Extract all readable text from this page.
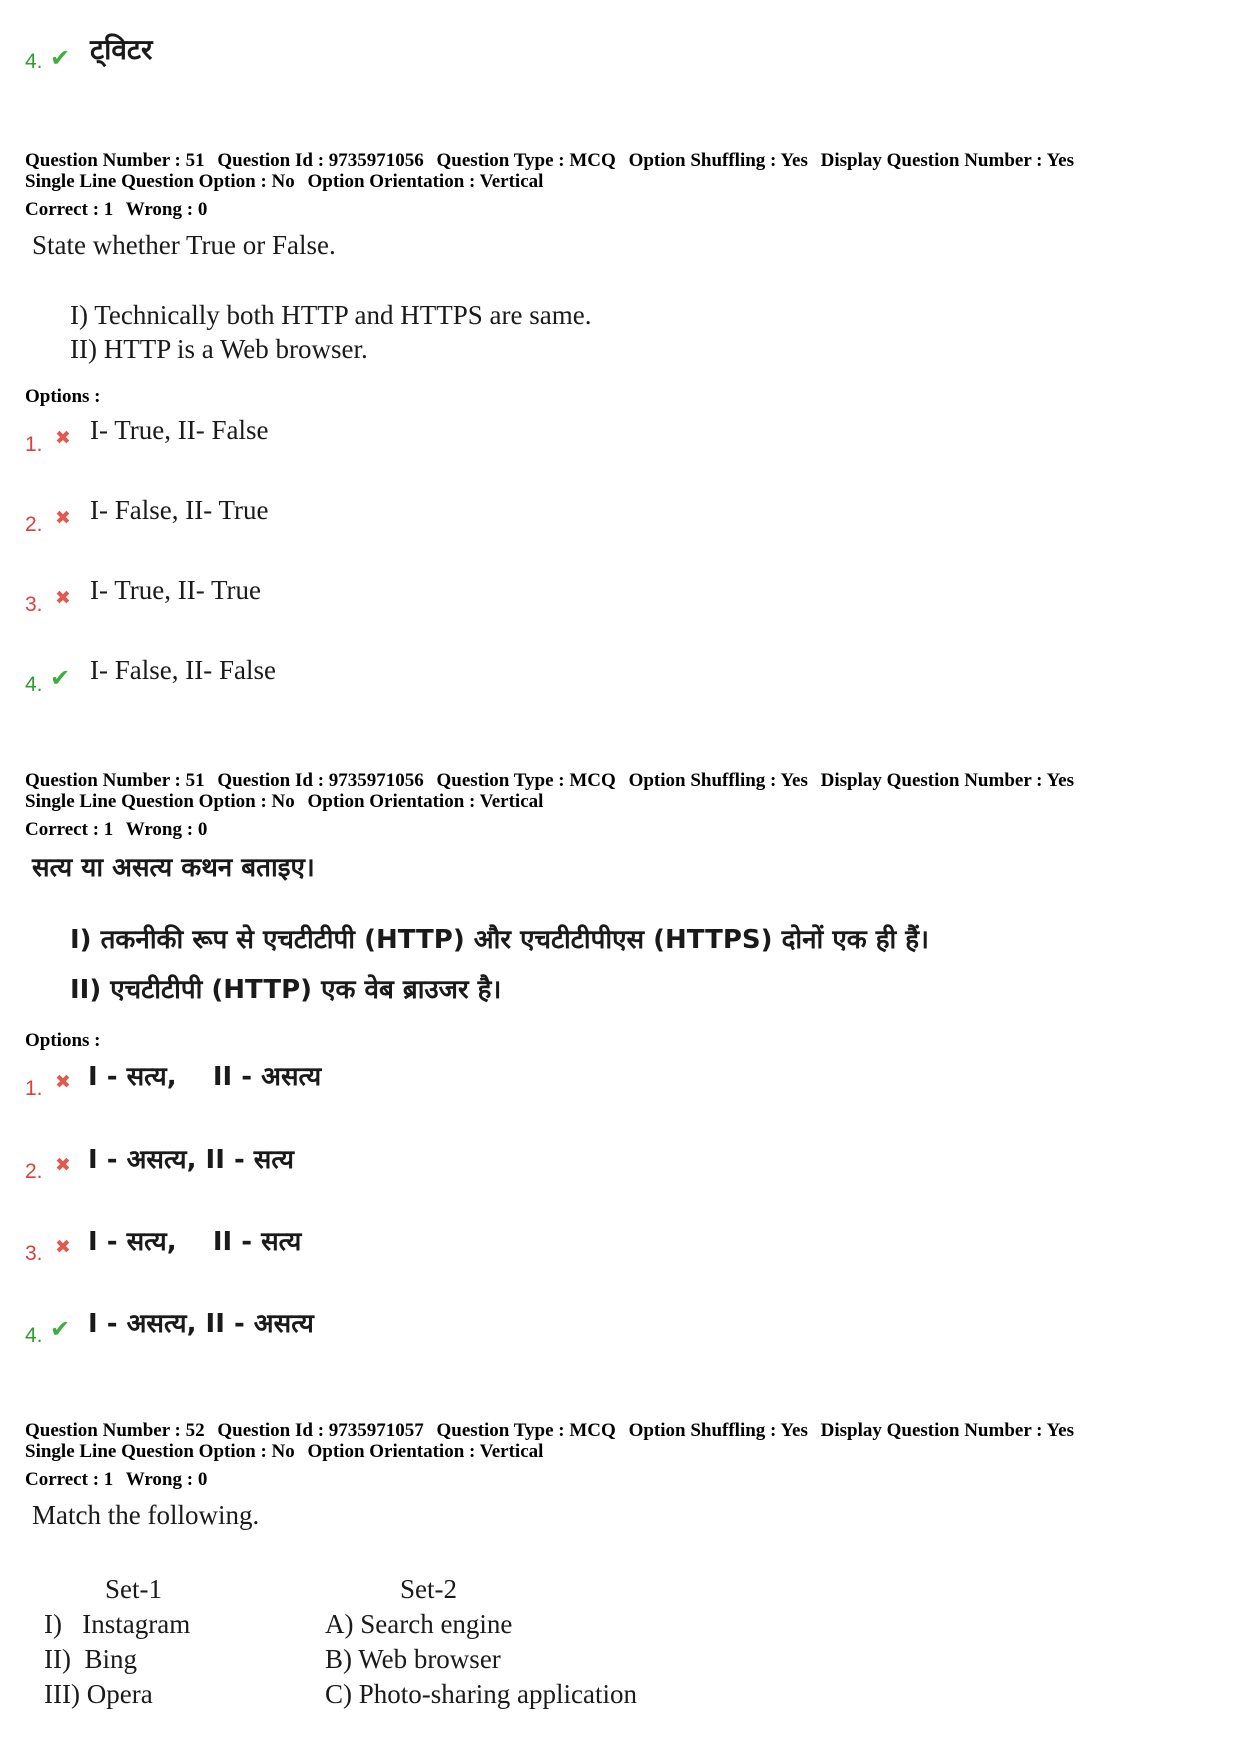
4. ✔ ट्विटर
Question Number : 51 Question Id : 9735971056 Question Type : MCQ Option Shuffling : Yes Display Question Number : Yes
Single Line Question Option : No Option Orientation : Vertical
Correct : 1 Wrong : 0
State whether True or False.
I) Technically both HTTP and HTTPS are same.
II) HTTP is a Web browser.
Options :
1. ✖ I- True, II- False
2. ✖ I- False, II- True
3. ✖ I- True, II- True
4. ✔ I- False, II- False
Question Number : 51 Question Id : 9735971056 Question Type : MCQ Option Shuffling : Yes Display Question Number : Yes
Single Line Question Option : No Option Orientation : Vertical
Correct : 1 Wrong : 0
सत्य या असत्य कथन बताइए।
I) तकनीकी रूप से एचटीटीपी (HTTP) और एचटीटीपीएस (HTTPS) दोनों एक ही हैं।
II) एचटीटीपी (HTTP) एक वेब ब्राउजर है।
Options :
1. ✖ I - सत्य,    II - असत्य
2. ✖ I - असत्य, II - सत्य
3. ✖ I - सत्य,    II - सत्य
4. ✔ I - असत्य, II - असत्य
Question Number : 52 Question Id : 9735971057 Question Type : MCQ Option Shuffling : Yes Display Question Number : Yes
Single Line Question Option : No Option Orientation : Vertical
Correct : 1 Wrong : 0
Match the following.
Set-1	Set-2
I)   Instagram
II)  Bing
III) Opera
A) Search engine
B) Web browser
C) Photo-sharing application
